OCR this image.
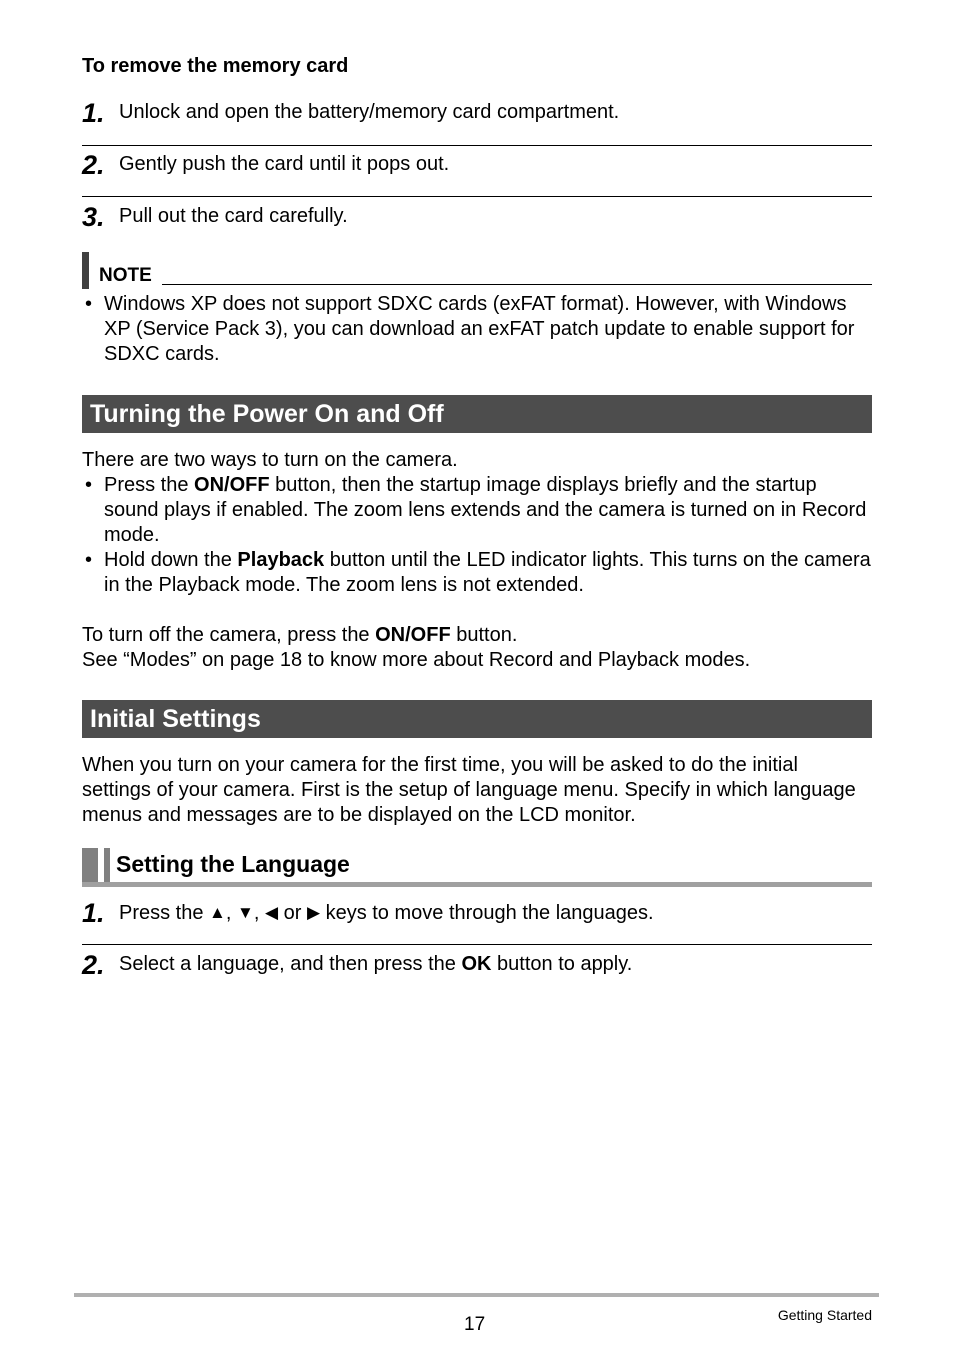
To remove the memory card
1. Unlock and open the battery/memory card compartment.
2. Gently push the card until it pops out.
3. Pull out the card carefully.
NOTE
• Windows XP does not support SDXC cards (exFAT format). However, with Windows XP (Service Pack 3), you can download an exFAT patch update to enable support for SDXC cards.
Turning the Power On and Off
There are two ways to turn on the camera.
• Press the ON/OFF button, then the startup image displays briefly and the startup sound plays if enabled. The zoom lens extends and the camera is turned on in Record mode.
• Hold down the Playback button until the LED indicator lights. This turns on the camera in the Playback mode. The zoom lens is not extended.
To turn off the camera, press the ON/OFF button.
See “Modes” on page 18 to know more about Record and Playback modes.
Initial Settings
When you turn on your camera for the first time, you will be asked to do the initial settings of your camera. First is the setup of language menu. Specify in which language menus and messages are to be displayed on the LCD monitor.
Setting the Language
1. Press the ▲, ▼, ◀ or ▶ keys to move through the languages.
2. Select a language, and then press the OK button to apply.
17	Getting Started
